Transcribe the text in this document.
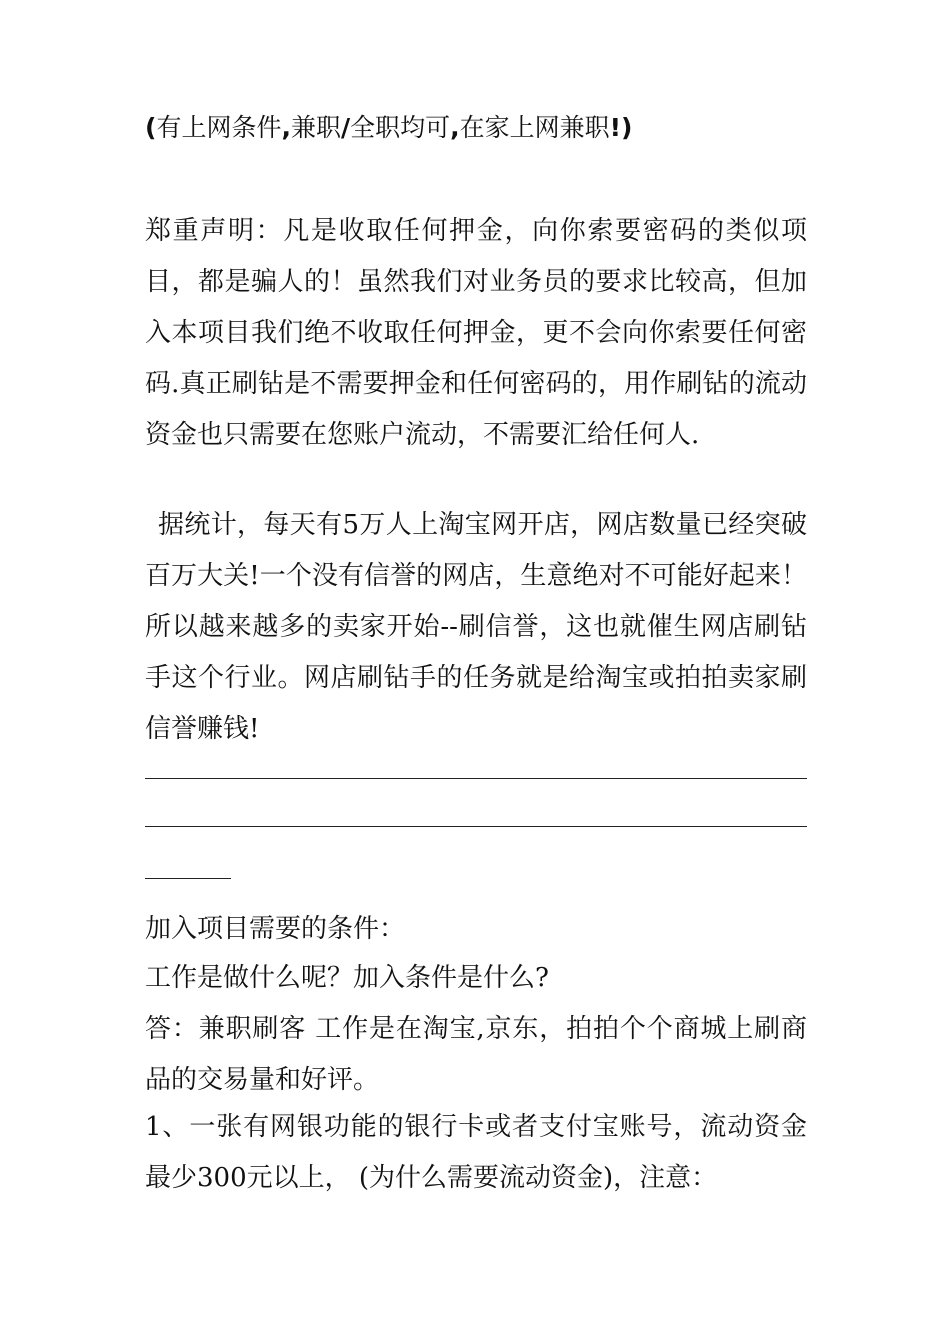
(有上网条件,兼职/全职均可,在家上网兼职!)
郑重声明：凡是收取任何押金，向你索要密码的类似项目，都是骗人的！虽然我们对业务员的要求比较高，但加入本项目我们绝不收取任何押金，更不会向你索要任何密码.真正刷钻是不需要押金和任何密码的，用作刷钻的流动资金也只需要在您账户流动，不需要汇给任何人.
据统计，每天有5万人上淘宝网开店，网店数量已经突破百万大关!一个没有信誉的网店，生意绝对不可能好起来！所以越来越多的卖家开始--刷信誉，这也就催生网店刷钻手这个行业。网店刷钻手的任务就是给淘宝或拍拍卖家刷信誉赚钱!
加入项目需要的条件：
工作是做什么呢？加入条件是什么?
答：兼职刷客 工作是在淘宝,京东，拍拍个个商城上刷商品的交易量和好评。
1、一张有网银功能的银行卡或者支付宝账号，流动资金最少300元以上， (为什么需要流动资金)，注意：
